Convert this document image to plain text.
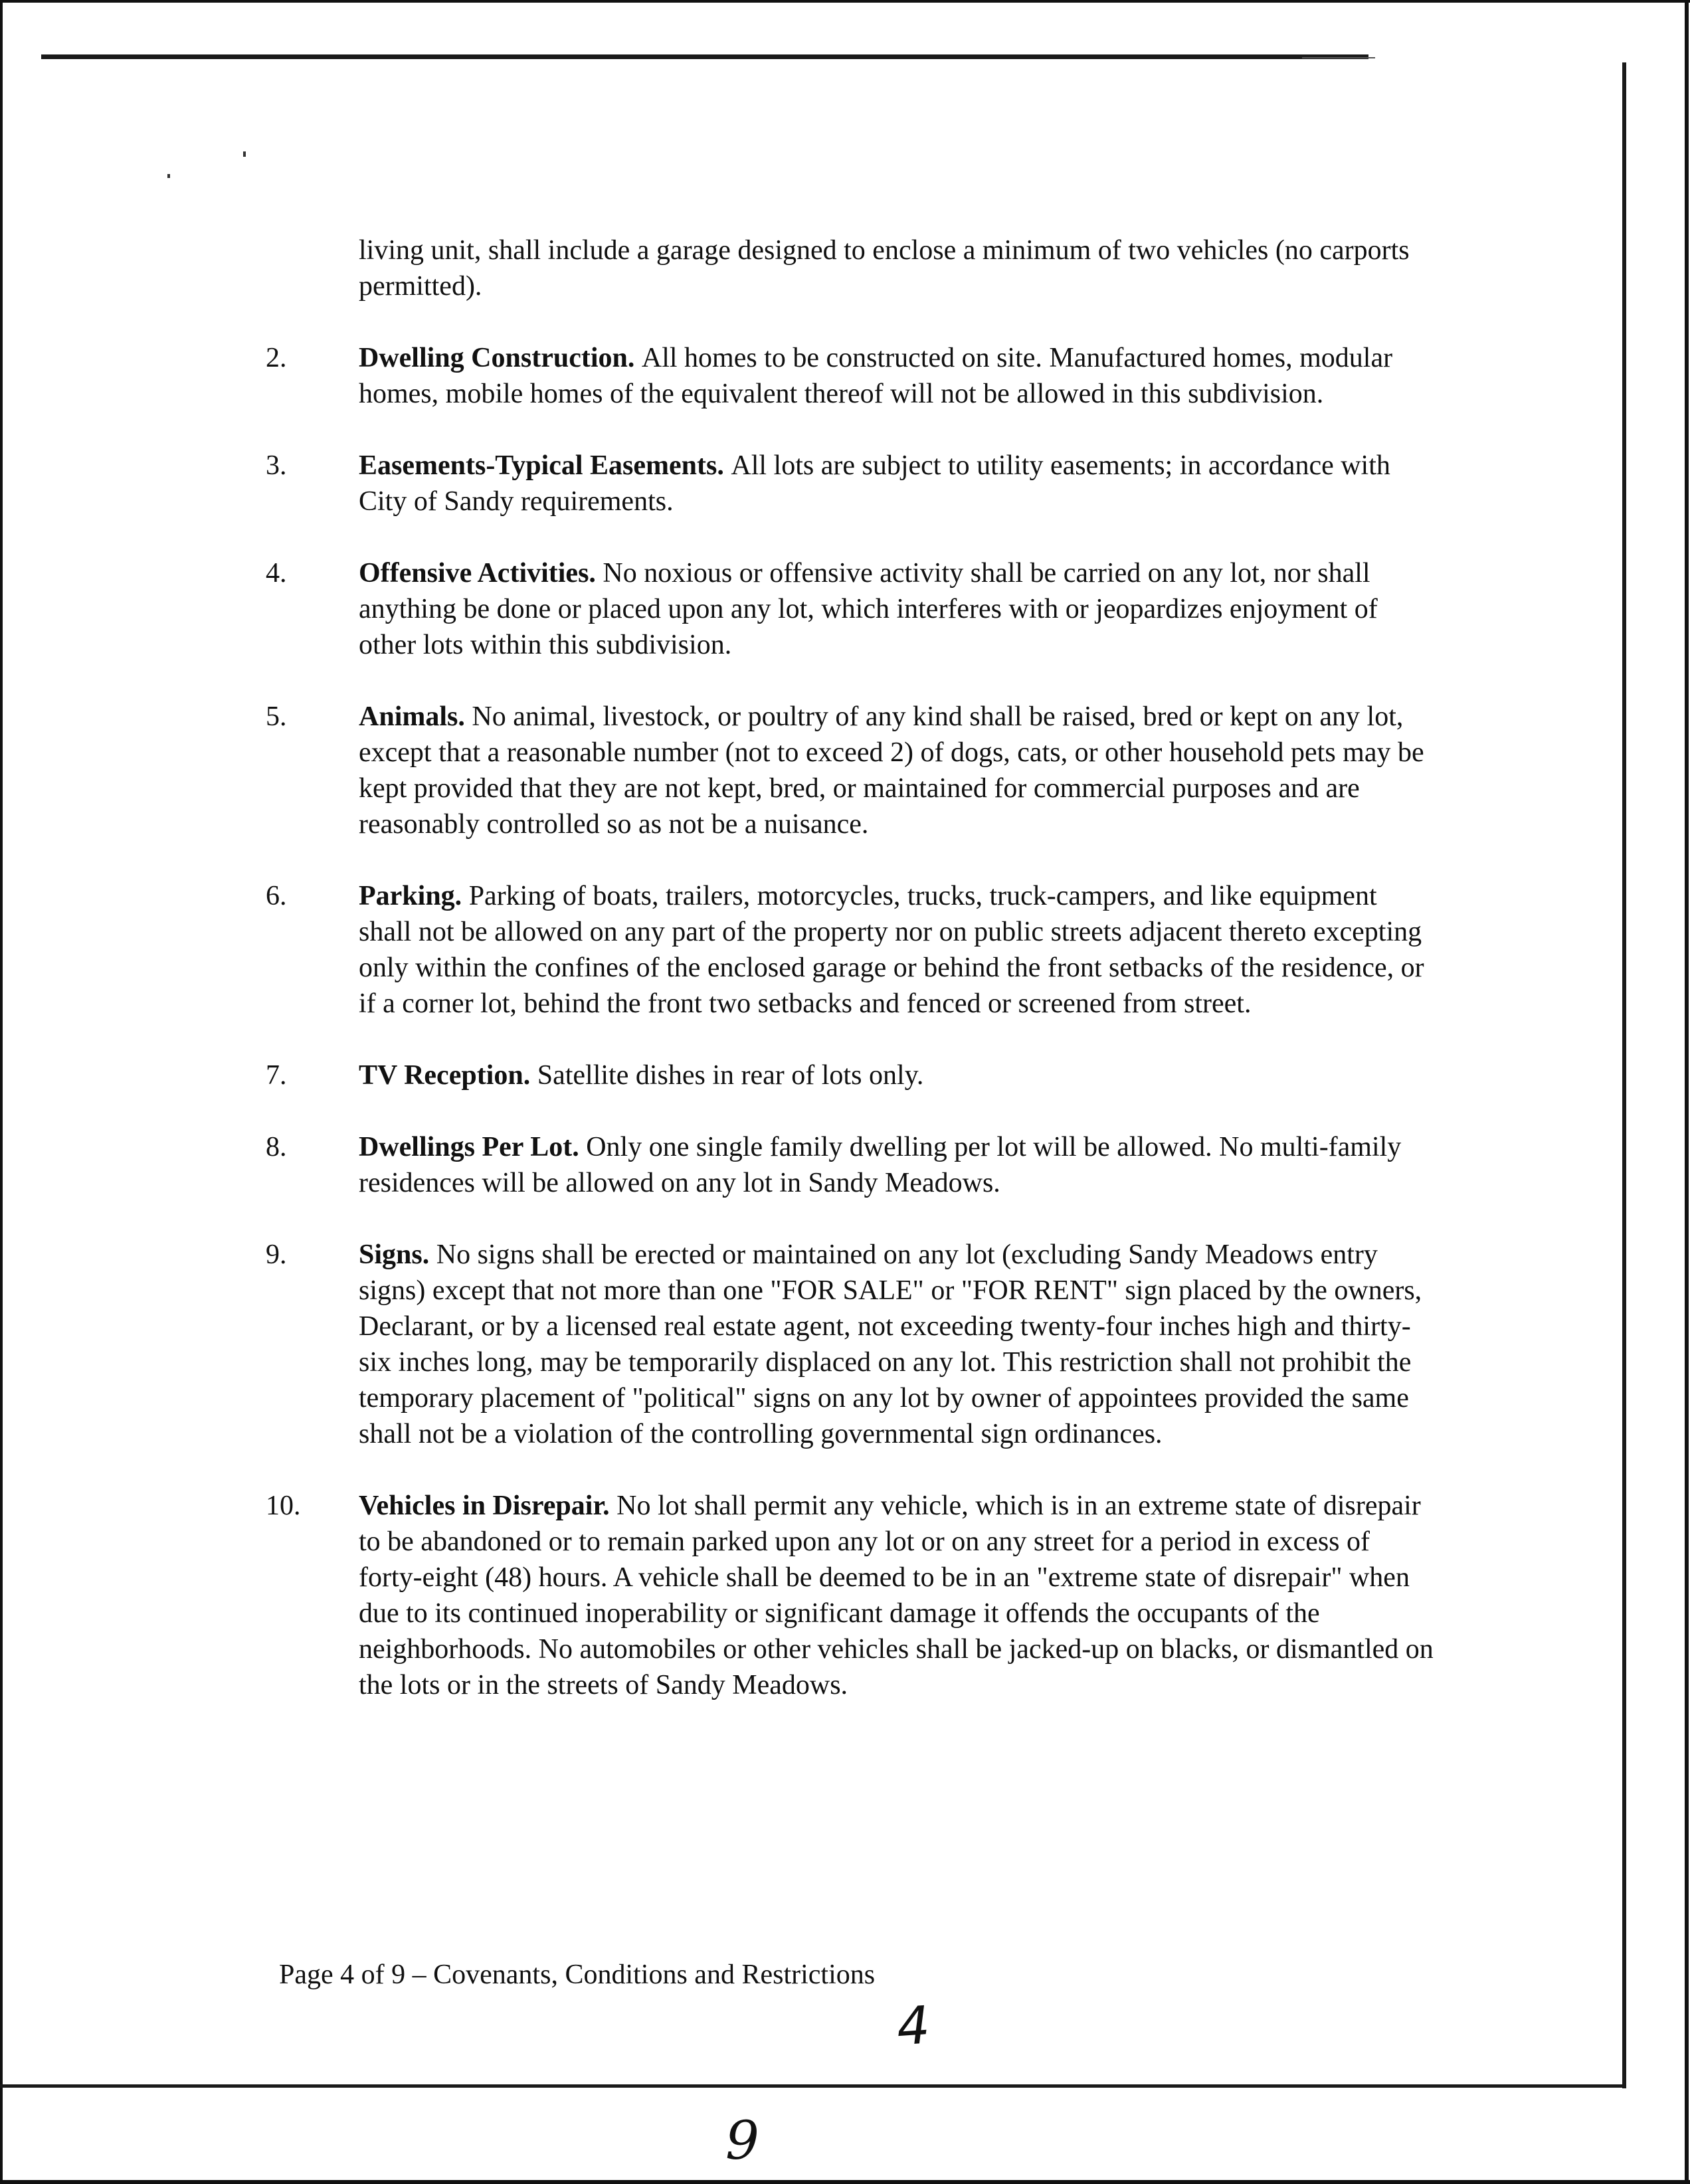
living unit, shall include a garage designed to enclose a minimum of two vehicles (no carports permitted).

2.	Dwelling Construction. All homes to be constructed on site. Manufactured homes, modular homes, mobile homes of the equivalent thereof will not be allowed in this subdivision.
3.	Easements-Typical Easements. All lots are subject to utility easements; in accordance with City of Sandy requirements.
4.	Offensive Activities. No noxious or offensive activity shall be carried on any lot, nor shall anything be done or placed upon any lot, which interferes with or jeopardizes enjoyment of other lots within this subdivision.
5.	Animals. No animal, livestock, or poultry of any kind shall be raised, bred or kept on any lot, except that a reasonable number (not to exceed 2) of dogs, cats, or other household pets may be kept provided that they are not kept, bred, or maintained for commercial purposes and are reasonably controlled so as not be a nuisance.
6.	Parking. Parking of boats, trailers, motorcycles, trucks, truck-campers, and like equipment shall not be allowed on any part of the property nor on public streets adjacent thereto excepting only within the confines of the enclosed garage or behind the front setbacks of the residence, or if a corner lot, behind the front two setbacks and fenced or screened from street.
7.	TV Reception. Satellite dishes in rear of lots only.
8.	Dwellings Per Lot. Only one single family dwelling per lot will be allowed. No multi-family residences will be allowed on any lot in Sandy Meadows.
9.	Signs. No signs shall be erected or maintained on any lot (excluding Sandy Meadows entry signs) except that not more than one "FOR SALE" or "FOR RENT" sign placed by the owners, Declarant, or by a licensed real estate agent, not exceeding twenty-four inches high and thirty-six inches long, may be temporarily displaced on any lot. This restriction shall not prohibit the temporary placement of "political" signs on any lot by owner of appointees provided the same shall not be a violation of the controlling governmental sign ordinances.
10.	Vehicles in Disrepair. No lot shall permit any vehicle, which is in an extreme state of disrepair to be abandoned or to remain parked upon any lot or on any street for a period in excess of forty-eight (48) hours. A vehicle shall be deemed to be in an "extreme state of disrepair" when due to its continued inoperability or significant damage it offends the occupants of the neighborhoods. No automobiles or other vehicles shall be jacked-up on blacks, or dismantled on the lots or in the streets of Sandy Meadows.
Page 4 of 9 – Covenants, Conditions and Restrictions
4
9
